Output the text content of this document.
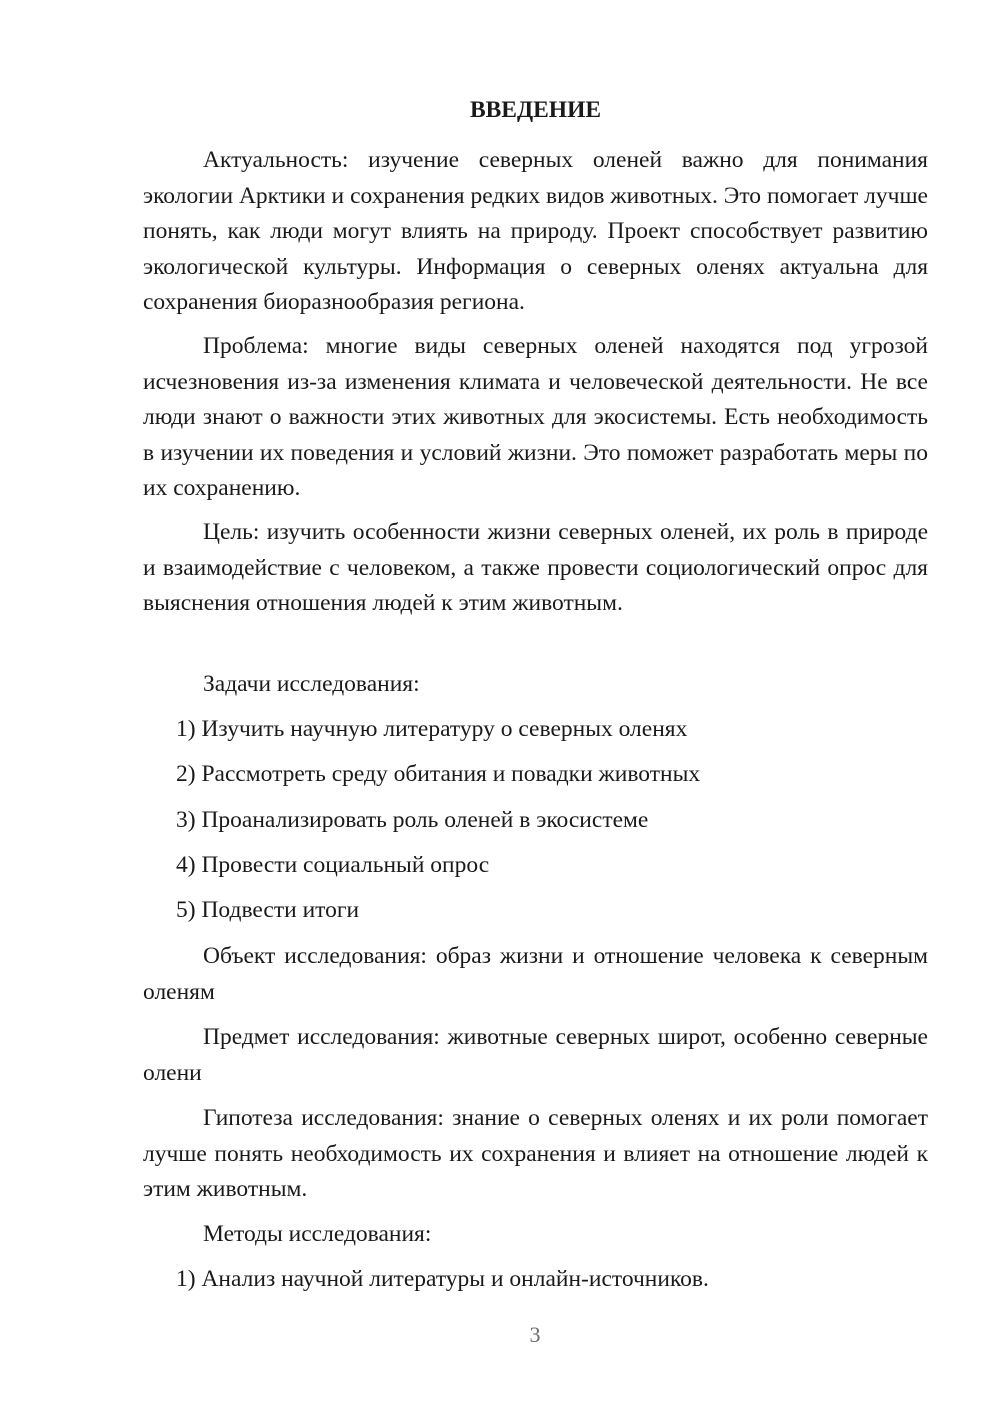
ВВЕДЕНИЕ

Актуальность: изучение северных оленей важно для понимания экологии Арктики и сохранения редких видов животных. Это помогает лучше понять, как люди могут влиять на природу. Проект способствует развитию экологической культуры. Информация о северных оленях актуальна для сохранения биоразнообразия региона.

Проблема: многие виды северных оленей находятся под угрозой исчезновения из-за изменения климата и человеческой деятельности. Не все люди знают о важности этих животных для экосистемы. Есть необходимость в изучении их поведения и условий жизни. Это поможет разработать меры по их сохранению.

Цель: изучить особенности жизни северных оленей, их роль в природе и взаимодействие с человеком, а также провести социологический опрос для выяснения отношения людей к этим животным.

Задачи исследования:

1) Изучить научную литературу о северных оленях

2) Рассмотреть среду обитания и повадки животных

3) Проанализировать роль оленей в экосистеме

4) Провести социальный опрос

5) Подвести итоги

Объект исследования: образ жизни и отношение человека к северным оленям

Предмет исследования: животные северных широт, особенно северные олени

Гипотеза исследования: знание о северных оленях и их роли помогает лучше понять необходимость их сохранения и влияет на отношение людей к этим животным.

Методы исследования:

1) Анализ научной литературы и онлайн-источников.

3
